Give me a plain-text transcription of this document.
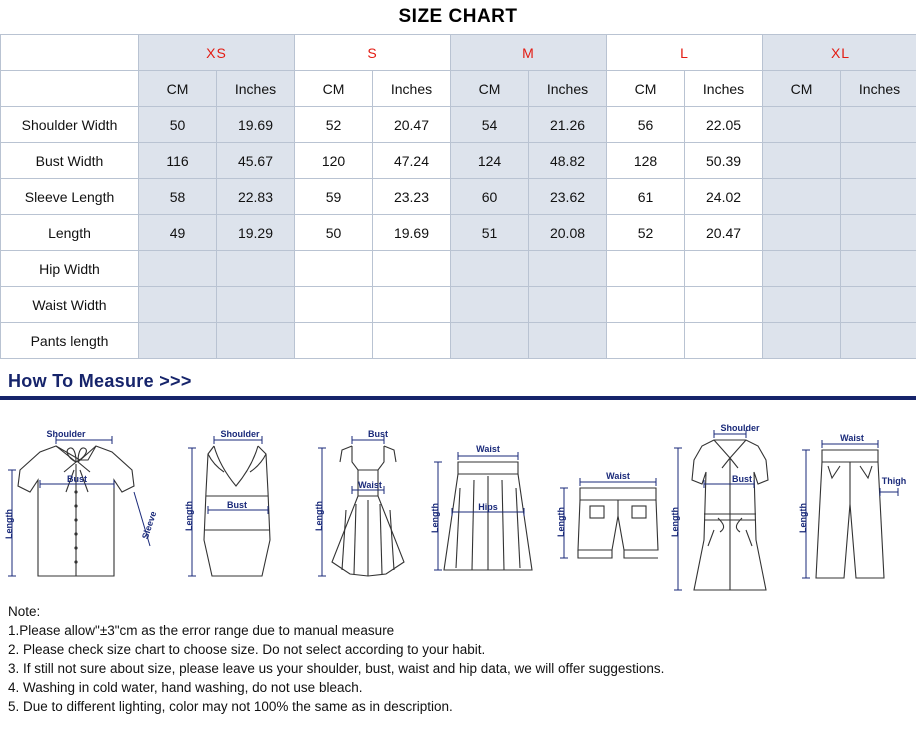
SIZE CHART
	XS		S		M		L		XL	
	CM	Inches	CM	Inches	CM	Inches	CM	Inches	CM	Inches
Shoulder Width	50	19.69	52	20.47	54	21.26	56	22.05		
Bust Width	116	45.67	120	47.24	124	48.82	128	50.39		
Sleeve Length	58	22.83	59	23.23	60	23.62	61	24.02		
Length	49	19.29	50	19.69	51	20.08	52	20.47		
Hip Width										
Waist Width										
Pants length										
How To Measure >>>
Shoulder
Bust
Sleeve
Length
Shoulder
Bust
Length
Bust
Waist
Length
Waist
Hips
Length
Waist
Length
Shoulder
Bust
Length
Waist
Thigh
Length
Note:
1.Please allow"±3"cm as the error range due to manual measure
2. Please check size chart to choose size. Do not select according to your habit.
3. If still not sure about size, please leave us your shoulder, bust, waist and hip data, we will offer suggestions.
4. Washing in cold water, hand washing, do not use bleach.
5. Due to different lighting, color may not 100% the same as in description.
